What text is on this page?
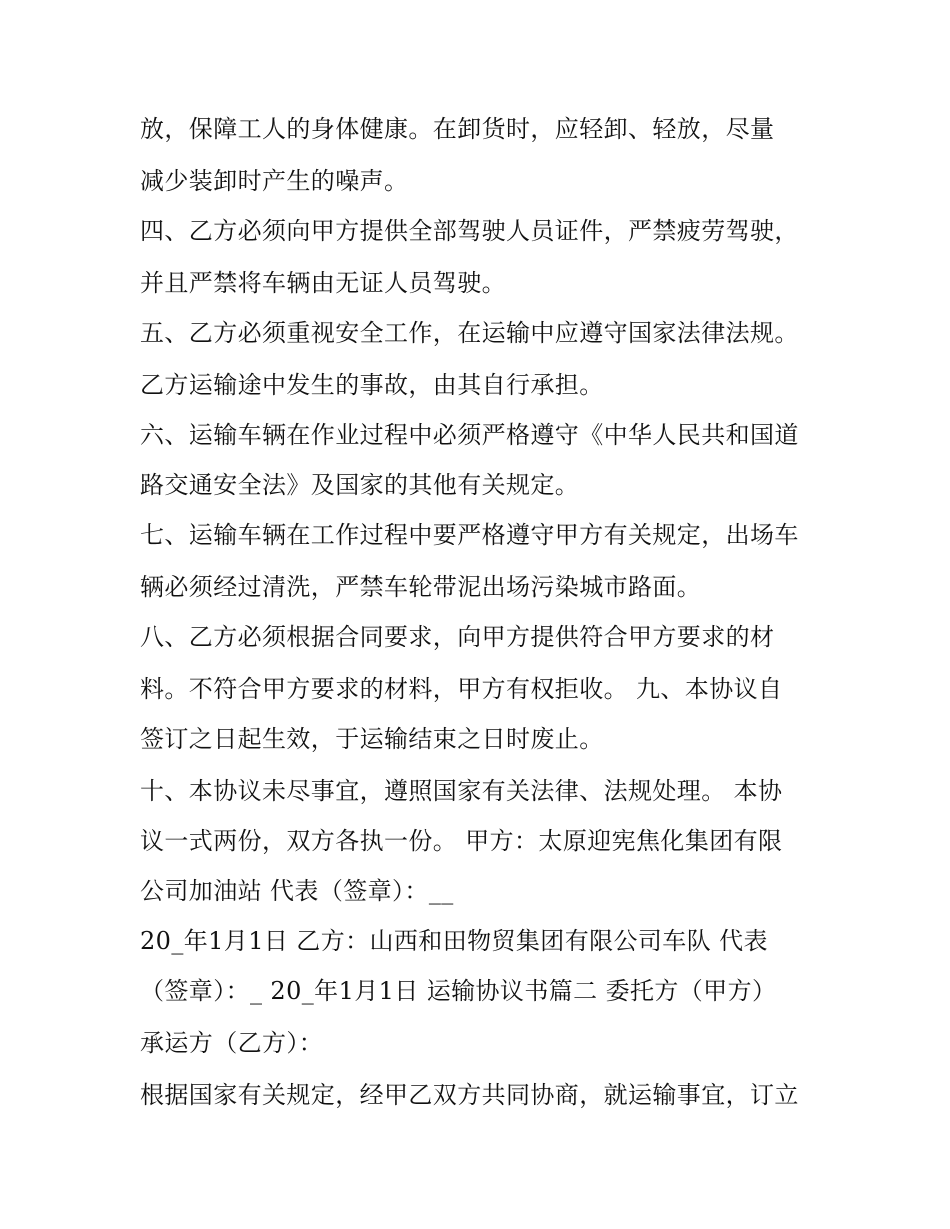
放，保障工人的身体健康。在卸货时，应轻卸、轻放，尽量
减少装卸时产生的噪声。
四、乙方必须向甲方提供全部驾驶人员证件，严禁疲劳驾驶，
并且严禁将车辆由无证人员驾驶。
五、乙方必须重视安全工作，在运输中应遵守国家法律法规。
乙方运输途中发生的事故，由其自行承担。
六、运输车辆在作业过程中必须严格遵守《中华人民共和国道
路交通安全法》及国家的其他有关规定。
七、运输车辆在工作过程中要严格遵守甲方有关规定，出场车
辆必须经过清洗，严禁车轮带泥出场污染城市路面。
八、乙方必须根据合同要求，向甲方提供符合甲方要求的材
料。不符合甲方要求的材料，甲方有权拒收。 九、本协议自
签订之日起生效，于运输结束之日时废止。
十、本协议未尽事宜，遵照国家有关法律、法规处理。 本协
议一式两份，双方各执一份。 甲方：太原迎宪焦化集团有限
公司加油站 代表（签章）：__
20_年1月1日 乙方：山西和田物贸集团有限公司车队 代表
（签章）：_ 20_年1月1日 运输协议书篇二 委托方（甲方）
承运方（乙方）：
根据国家有关规定，经甲乙双方共同协商，就运输事宜，订立
